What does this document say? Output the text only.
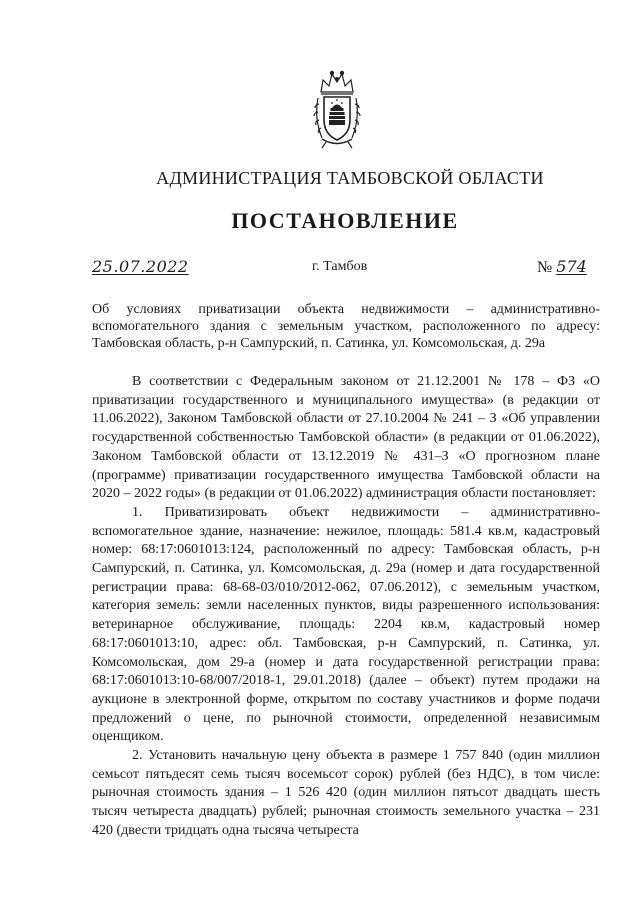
АДМИНИСТРАЦИЯ ТАМБОВСКОЙ ОБЛАСТИ
ПОСТАНОВЛЕНИЕ
25.07.2022	г. Тамбов	№ 574
Об условиях приватизации объекта недвижимости – административно-вспомогательного здания с земельным участком, расположенного по адресу: Тамбовская область, р-н Сампурский, п. Сатинка, ул. Комсомольская, д. 29а

В соответствии с Федеральным законом от 21.12.2001 № 178 – ФЗ «О приватизации государственного и муниципального имущества» (в редакции от 11.06.2022), Законом Тамбовской области от 27.10.2004 № 241 – З «Об управлении государственной собственностью Тамбовской области» (в редакции от 01.06.2022), Законом Тамбовской области от 13.12.2019 № 431–З «О прогнозном плане (программе) приватизации государственного имущества Тамбовской области на 2020 – 2022 годы» (в редакции от 01.06.2022) администрация области постановляет:

1. Приватизировать объект недвижимости – административно-вспомогательное здание, назначение: нежилое, площадь: 581.4 кв.м, кадастровый номер: 68:17:0601013:124, расположенный по адресу: Тамбовская область, р-н Сампурский, п. Сатинка, ул. Комсомольская, д. 29а (номер и дата государственной регистрации права: 68-68-03/010/2012-062, 07.06.2012), с земельным участком, категория земель: земли населенных пунктов, виды разрешенного использования: ветеринарное обслуживание, площадь: 2204 кв.м, кадастровый номер 68:17:0601013:10, адрес: обл. Тамбовская, р-н Сампурский, п. Сатинка, ул. Комсомольская, дом 29-а (номер и дата государственной регистрации права: 68:17:0601013:10-68/007/2018-1, 29.01.2018) (далее – объект) путем продажи на аукционе в электронной форме, открытом по составу участников и форме подачи предложений о цене, по рыночной стоимости, определенной независимым оценщиком.

2. Установить начальную цену объекта в размере 1 757 840 (один миллион семьсот пятьдесят семь тысяч восемьсот сорок) рублей (без НДС), в том числе: рыночная стоимость здания – 1 526 420 (один миллион пятьсот двадцать шесть тысяч четыреста двадцать) рублей; рыночная стоимость земельного участка – 231 420 (двести тридцать одна тысяча четыреста
